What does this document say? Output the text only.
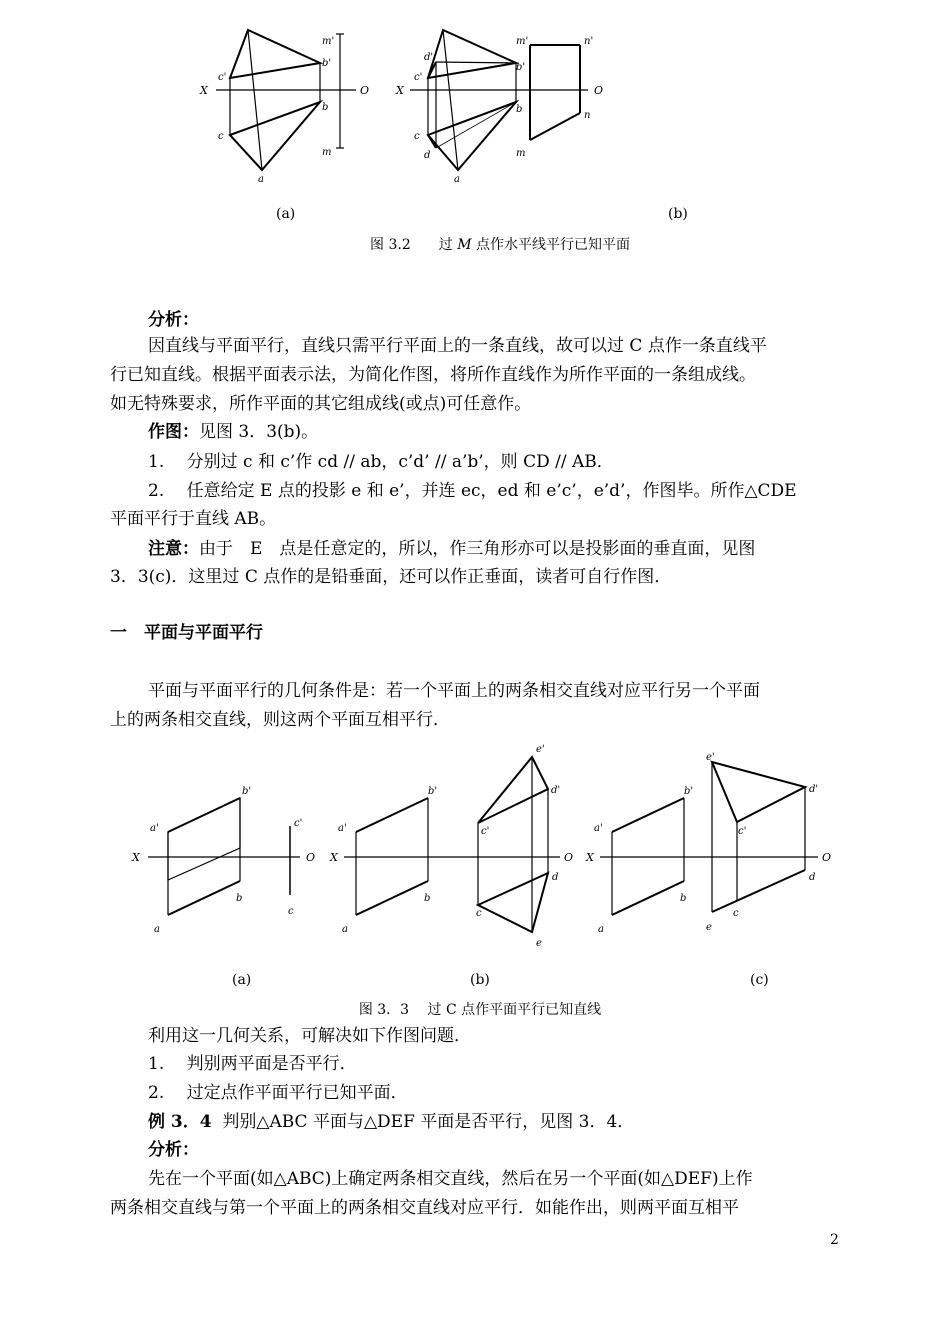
m'
b'
c'
X	O
b
c
m
a
m'	n'
d'
c'
b'
X	O
b
n
c
d	m
a
(a)	(b)
图 3.2　　过 M 点作水平线平行已知平面
分析：
因直线与平面平行，直线只需平行平面上的一条直线，故可以过 C 点作一条直线平
行已知直线。根据平面表示法，为简化作图，将所作直线作为所作平面的一条组成线。
如无特殊要求，所作平面的其它组成线(或点)可任意作。
作图：见图 3．3(b)。
1.　 分别过 c 和 c’作 cd // ab，c’d’ // a’b’，则 CD // AB．
2.　 任意给定 E 点的投影 e 和 e’，并连 ec，ed 和 e’c’，e’d’，作图毕。所作△CDE
平面平行于直线 AB。
注意：由于　E　点是任意定的，所以，作三角形亦可以是投影面的垂直面，见图
3．3(c)．这里过 C 点作的是铅垂面，还可以作正垂面，读者可自行作图．
一　平面与平面平行
平面与平面平行的几何条件是：若一个平面上的两条相交直线对应平行另一个平面
上的两条相交直线，则这两个平面互相平行．
a'
b'
c'
X	O
b
c
a
a'
b'
e'
d'
c'
X	O
b
d
c
a
e
a'
b'
e'
d'
c'
X	O
b
d
a	e
c
(a)	(b)	(c)
图 3．3　 过 C 点作平面平行已知直线
利用这一几何关系，可解决如下作图问题．
1.　 判别两平面是否平行．
2.　 过定点作平面平行已知平面．
例 3．4 判别△ABC 平面与△DEF 平面是否平行，见图 3．4．
分析：
先在一个平面(如△ABC)上确定两条相交直线，然后在另一个平面(如△DEF)上作
两条相交直线与第一个平面上的两条相交直线对应平行．如能作出，则两平面互相平
2
